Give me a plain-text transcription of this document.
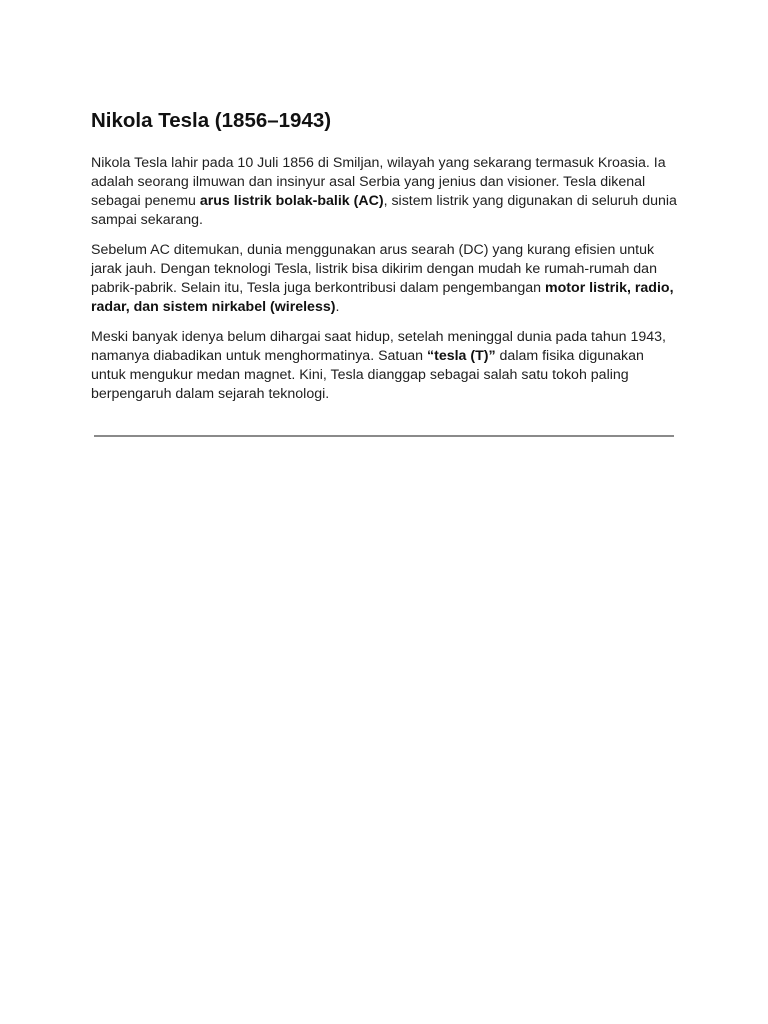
Nikola Tesla (1856–1943)

Nikola Tesla lahir pada 10 Juli 1856 di Smiljan, wilayah yang sekarang termasuk Kroasia. Ia adalah seorang ilmuwan dan insinyur asal Serbia yang jenius dan visioner. Tesla dikenal sebagai penemu arus listrik bolak-balik (AC), sistem listrik yang digunakan di seluruh dunia sampai sekarang.

Sebelum AC ditemukan, dunia menggunakan arus searah (DC) yang kurang efisien untuk jarak jauh. Dengan teknologi Tesla, listrik bisa dikirim dengan mudah ke rumah-rumah dan pabrik-pabrik. Selain itu, Tesla juga berkontribusi dalam pengembangan motor listrik, radio, radar, dan sistem nirkabel (wireless).

Meski banyak idenya belum dihargai saat hidup, setelah meninggal dunia pada tahun 1943, namanya diabadikan untuk menghormatinya. Satuan “tesla (T)” dalam fisika digunakan untuk mengukur medan magnet. Kini, Tesla dianggap sebagai salah satu tokoh paling berpengaruh dalam sejarah teknologi.
